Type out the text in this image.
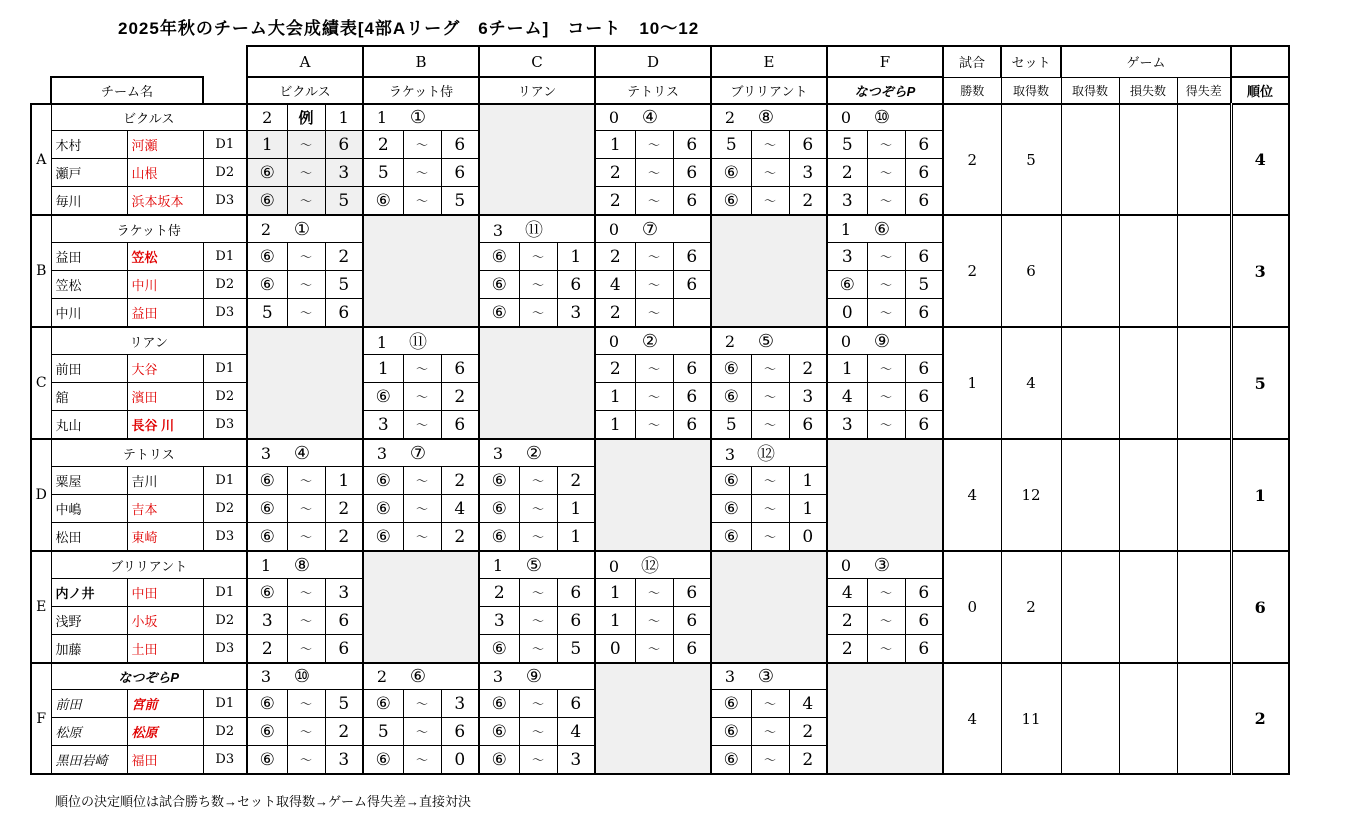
2025年秋のチーム大会成績表[4部Aリーグ　6チーム]　コート　10～12
				A			B			C			D			E			F			試合	セット	ゲーム			
	チーム名			ビクルス			ラケット侍			リアン			テトリス			ブリリアント			なつぞらP			勝数	取得数	取得数	損失数	得失差	順位
A	ビクルス			2	例	1	1 ①						0 ④			2 ⑧			0 ⑩			2	5				4
	木村	河瀬	D1	1	〜	6	2	〜	6				1	〜	6	5	〜	6	5	〜	6						
	瀬戸	山根	D2	⑥	〜	3	5	〜	6				2	〜	6	⑥	〜	3	2	〜	6						
	毎川	浜本坂本	D3	⑥	〜	5	⑥	〜	5				2	〜	6	⑥	〜	2	3	〜	6						
B	ラケット侍			2 ①						3 ⑪			0 ⑦						1 ⑥			2	6				3
	益田	笠松	D1	⑥	〜	2				⑥	〜	1	2	〜	6				3	〜	6						
	笠松	中川	D2	⑥	〜	5				⑥	〜	6	4	〜	6				⑥	〜	5						
	中川	益田	D3	5	〜	6				⑥	〜	3	2	〜					0	〜	6						
C	リアン						1 ⑪						0 ②			2 ⑤			0 ⑨			1	4				5
	前田	大谷	D1				1	〜	6				2	〜	6	⑥	〜	2	1	〜	6						
	舘	濱田	D2				⑥	〜	2				1	〜	6	⑥	〜	3	4	〜	6						
	丸山	長谷 川	D3				3	〜	6				1	〜	6	5	〜	6	3	〜	6						
D	テトリス			3 ④			3 ⑦			3 ②						3 ⑫						4	12				1
	粟屋	吉川	D1	⑥	〜	1	⑥	〜	2	⑥	〜	2				⑥	〜	1									
	中嶋	吉本	D2	⑥	〜	2	⑥	〜	4	⑥	〜	1				⑥	〜	1									
	松田	東崎	D3	⑥	〜	2	⑥	〜	2	⑥	〜	1				⑥	〜	0									
E	ブリリアント			1 ⑧						1 ⑤			0 ⑫						0 ③			0	2				6
	内ノ井	中田	D1	⑥	〜	3				2	〜	6	1	〜	6				4	〜	6						
	浅野	小坂	D2	3	〜	6				3	〜	6	1	〜	6				2	〜	6						
	加藤	土田	D3	2	〜	6				⑥	〜	5	0	〜	6				2	〜	6						
F	なつぞらP			3 ⑩			2 ⑥			3 ⑨						3 ③						4	11				2
	前田	宮前	D1	⑥	〜	5	⑥	〜	3	⑥	〜	6				⑥	〜	4									
	松原	松原	D2	⑥	〜	2	5	〜	6	⑥	〜	4				⑥	〜	2									
	黒田岩崎	福田	D3	⑥	〜	3	⑥	〜	0	⑥	〜	3				⑥	〜	2									
順位の決定順位は試合勝ち数→セット取得数→ゲーム得失差→直接対決
